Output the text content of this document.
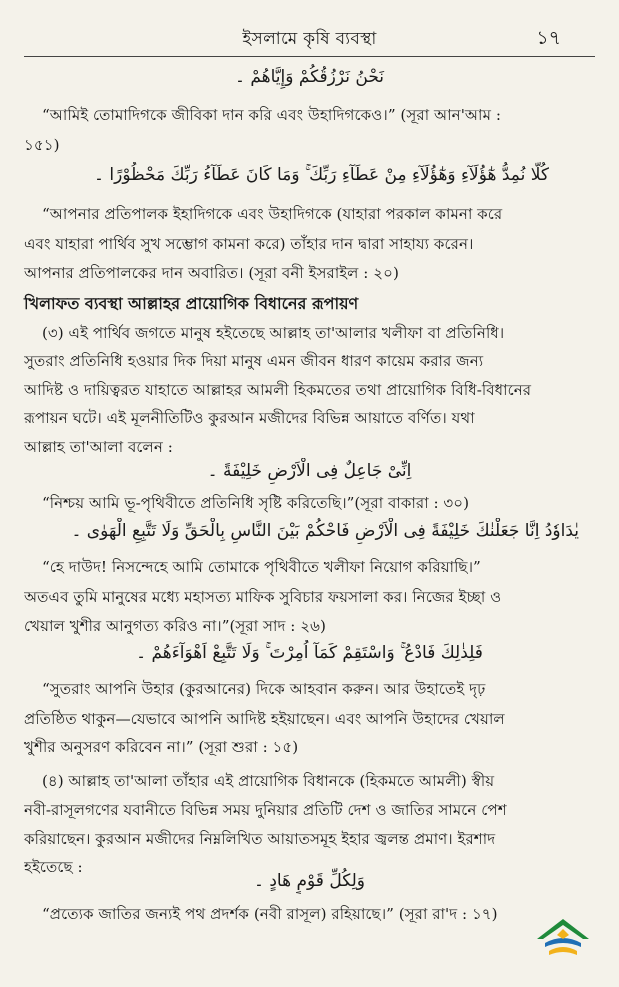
ইসলামে কৃষি ব্যবস্থা	১৭
نَحْنُ نَرْزُقُكُمْ وَإِيَّاهُمْ ۔
“আমিই তোমাদিগকে জীবিকা দান করি এবং উহাদিগকেও।” (সূরা আন'আম :
১৫১)
كُلًّا نُمِدُّ هٰٓؤُلَآءِ وَهٰٓؤُلَآءِ مِنْ عَطَآءِ رَبِّكَ ۚ وَمَا كَانَ عَطَآءُ رَبِّكَ مَحْظُوْرًا ۔
“আপনার প্রতিপালক ইহাদিগকে এবং উহাদিগকে (যাহারা পরকাল কামনা করে
এবং যাহারা পার্থিব সুখ সম্ভোগ কামনা করে) তাঁহার দান দ্বারা সাহায্য করেন।
আপনার প্রতিপালকের দান অবারিত। (সূরা বনী ইসরাইল : ২০)
খিলাফত ব্যবস্থা আল্লাহর প্রায়োগিক বিধানের রূপায়ণ
(৩) এই পার্থিব জগতে মানুষ হইতেছে আল্লাহ তা'আলার খলীফা বা প্রতিনিধি।
সুতরাং প্রতিনিধি হওয়ার দিক দিয়া মানুষ এমন জীবন ধারণ কায়েম করার জন্য
আদিষ্ট ও দায়িত্বরত যাহাতে আল্লাহর আমলী হিকমতের তথা প্রায়োগিক বিধি-বিধানের
রূপায়ন ঘটে। এই মূলনীতিটিও কুরআন মজীদের বিভিন্ন আয়াতে বর্ণিত। যথা
আল্লাহ তা'আলা বলেন :
اِنِّىْ جَاعِلٌ فِى الْاَرْضِ خَلِيْفَةً ۔
“নিশ্চয় আমি ভূ-পৃথিবীতে প্রতিনিধি সৃষ্টি করিতেছি।”(সূরা বাকারা : ৩০)
يٰدَاوٗدُ اِنَّا جَعَلْنٰكَ خَلِيْفَةً فِى الْاَرْضِ فَاحْكُمْ بَيْنَ النَّاسِ بِالْحَقِّ وَلَا تَتَّبِعِ الْهَوٰى ۔
“হে দাউদ! নিসন্দেহে আমি তোমাকে পৃথিবীতে খলীফা নিয়োগ করিয়াছি।”
অতএব তুমি মানুষের মধ্যে মহাসত্য মাফিক সুবিচার ফয়সালা কর। নিজের ইচ্ছা ও
খেয়াল খুশীর আনুগত্য করিও না।”(সূরা সাদ : ২৬)
فَلِذٰلِكَ فَادْعُ ۚ وَاسْتَقِمْ كَمَآ اُمِرْتَ ۚ وَلَا تَتَّبِعْ اَهْوَآءَهُمْ ۔
“সুতরাং আপনি উহার (কুরআনের) দিকে আহবান করুন। আর উহাতেই দৃঢ়
প্রতিষ্ঠিত থাকুন—যেভাবে আপনি আদিষ্ট হইয়াছেন। এবং আপনি উহাদের খেয়াল
খুশীর অনুসরণ করিবেন না।” (সূরা শুরা : ১৫)
(৪) আল্লাহ তা'আলা তাঁহার এই প্রায়োগিক বিধানকে (হিকমতে আমলী) স্বীয়
নবী-রাসূলগণের যবানীতে বিভিন্ন সময় দুনিয়ার প্রতিটি দেশ ও জাতির সামনে পেশ
করিয়াছেন। কুরআন মজীদের নিম্নলিখিত আয়াতসমূহ ইহার জ্বলন্ত প্রমাণ। ইরশাদ
হইতেছে :
وَلِكُلِّ قَوْمٍ هَادٍ ۔
“প্রত্যেক জাতির জন্যই পথ প্রদর্শক (নবী রাসূল) রহিয়াছে।” (সূরা রা'দ : ১৭)
